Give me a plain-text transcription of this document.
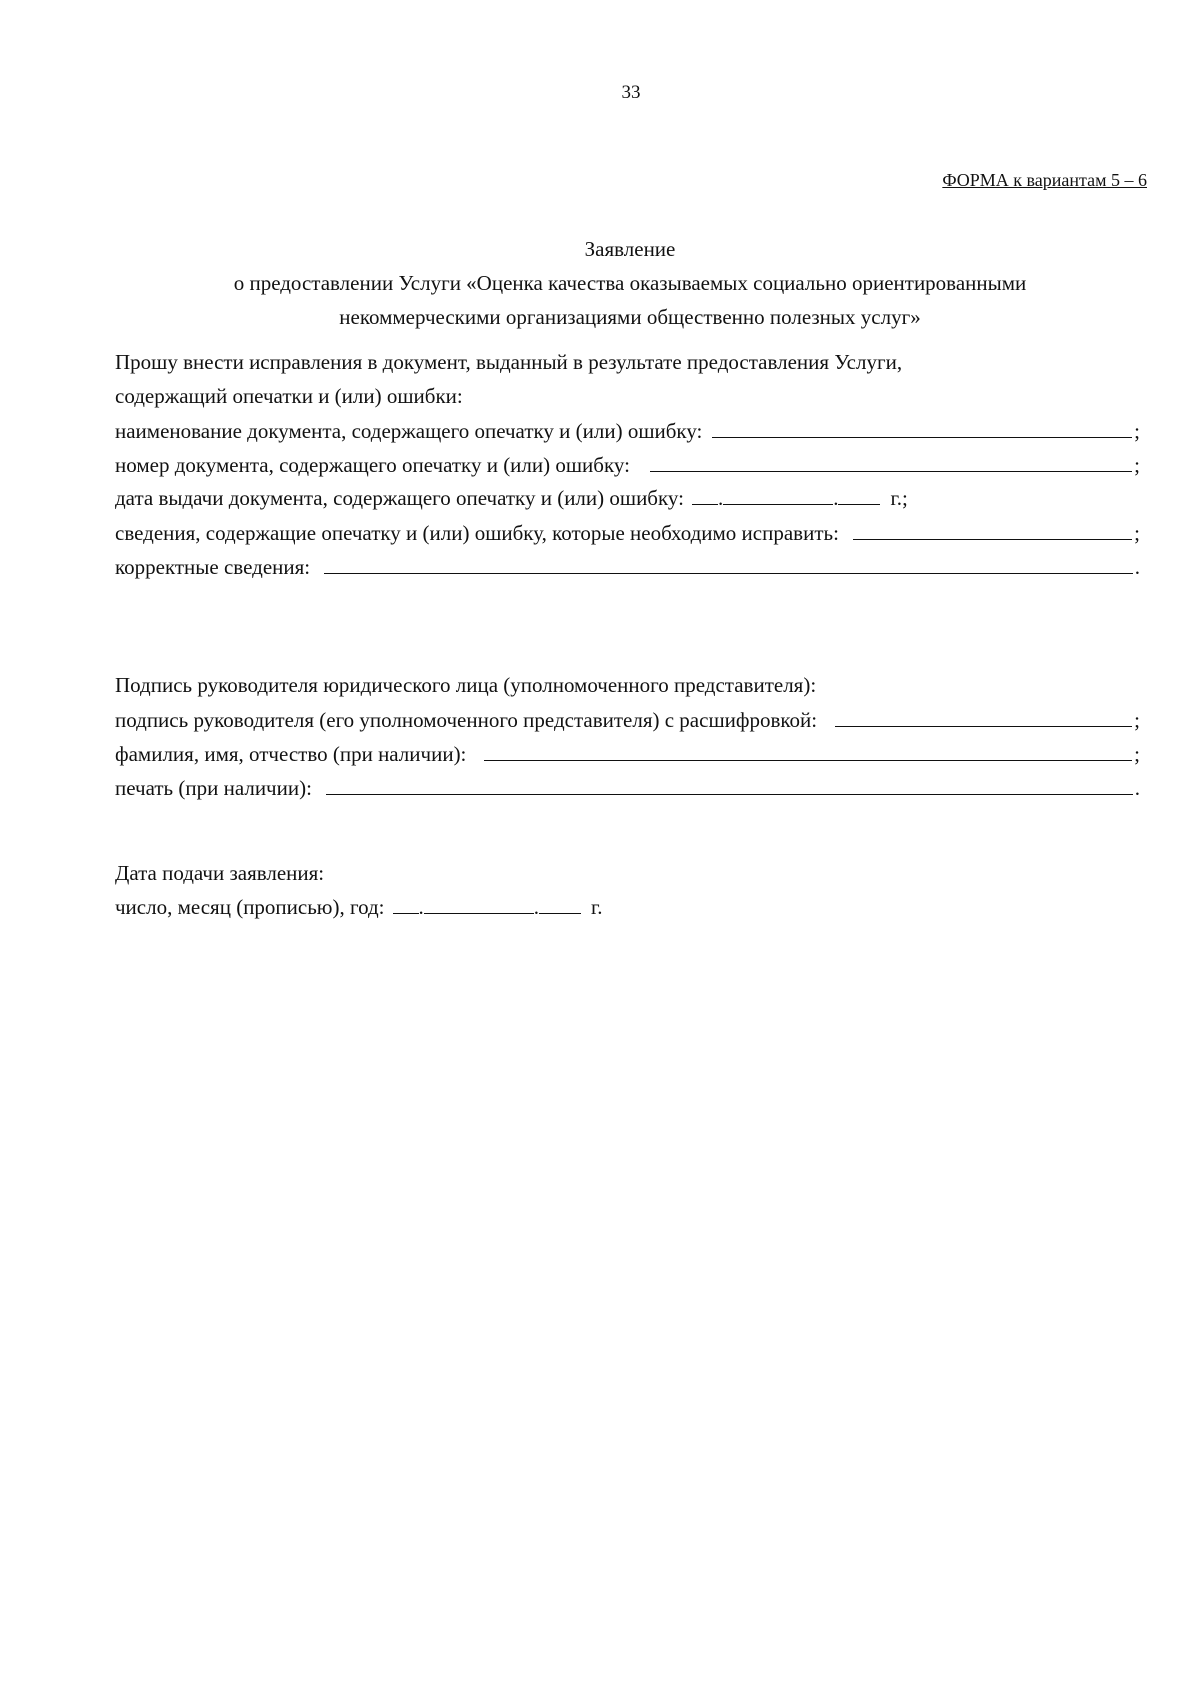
33
ФОРМА к вариантам 5 – 6
Заявление
о предоставлении Услуги «Оценка качества оказываемых социально ориентированными
некоммерческими организациями общественно полезных услуг»
Прошу внести исправления в документ, выданный в результате предоставления Услуги,
содержащий опечатки и (или) ошибки:
наименование документа, содержащего опечатку и (или) ошибку:	;
номер документа, содержащего опечатку и (или) ошибку:	;
дата выдачи документа, содержащего опечатку и (или) ошибку: .	. г.;
сведения, содержащие опечатку и (или) ошибку, которые необходимо исправить:	;
корректные сведения:	.
Подпись руководителя юридического лица (уполномоченного представителя):
подпись руководителя (его уполномоченного представителя) с расшифровкой:	;
фамилия, имя, отчество (при наличии):	;
печать (при наличии):	.
Дата подачи заявления:
число, месяц (прописью), год: .	. г.
